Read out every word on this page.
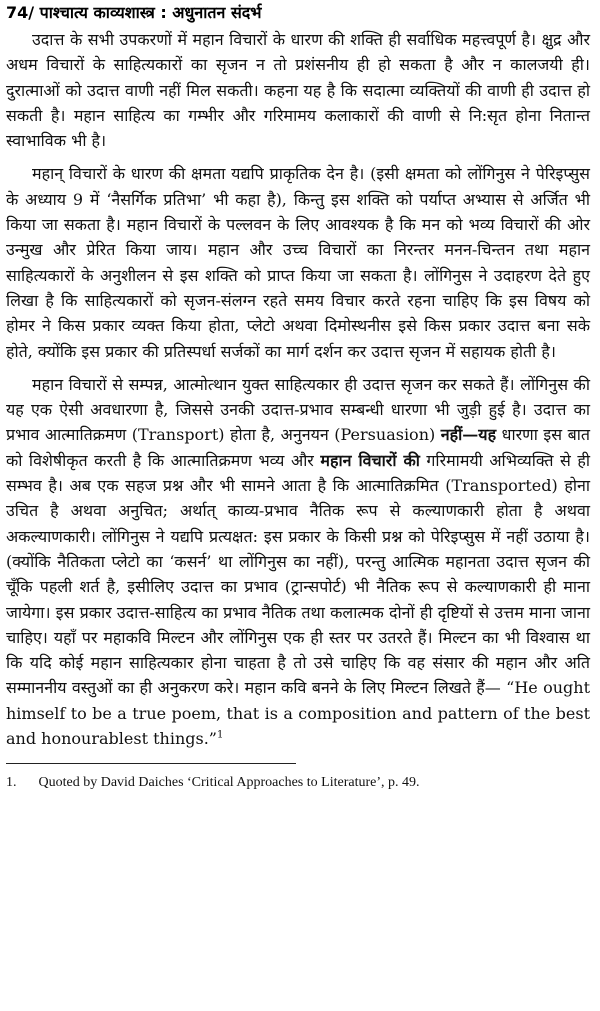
74/ पाश्चात्य काव्यशास्त्र : अधुनातन संदर्भ

उदात्त के सभी उपकरणों में महान विचारों के धारण की शक्ति ही सर्वाधिक महत्त्वपूर्ण है। क्षुद्र और अधम विचारों के साहित्यकारों का सृजन न तो प्रशंसनीय ही हो सकता है और न कालजयी ही। दुरात्माओं को उदात्त वाणी नहीं मिल सकती। कहना यह है कि सदात्मा व्यक्तियों की वाणी ही उदात्त हो सकती है। महान साहित्य का गम्भीर और गरिमामय कलाकारों की वाणी से नि:सृत होना नितान्त स्वाभाविक भी है।

महान् विचारों के धारण की क्षमता यद्यपि प्राकृतिक देन है। (इसी क्षमता को लोंगिनुस ने पेरिइप्सुस के अध्याय 9 में ‘नैसर्गिक प्रतिभा’ भी कहा है), किन्तु इस शक्ति को पर्याप्त अभ्यास से अर्जित भी किया जा सकता है। महान विचारों के पल्लवन के लिए आवश्यक है कि मन को भव्य विचारों की ओर उन्मुख और प्रेरित किया जाय। महान और उच्च विचारों का निरन्तर मनन-चिन्तन तथा महान साहित्यकारों के अनुशीलन से इस शक्ति को प्राप्त किया जा सकता है। लोंगिनुस ने उदाहरण देते हुए लिखा है कि साहित्यकारों को सृजन-संलग्न रहते समय विचार करते रहना चाहिए कि इस विषय को होमर ने किस प्रकार व्यक्त किया होता, प्लेटो अथवा दिमोस्थनीस इसे किस प्रकार उदात्त बना सके होते, क्योंकि इस प्रकार की प्रतिस्पर्धा सर्जकों का मार्ग दर्शन कर उदात्त सृजन में सहायक होती है।

महान विचारों से सम्पन्न, आत्मोत्थान युक्त साहित्यकार ही उदात्त सृजन कर सकते हैं। लोंगिनुस की यह एक ऐसी अवधारणा है, जिससे उनकी उदात्त-प्रभाव सम्बन्धी धारणा भी जुड़ी हुई है। उदात्त का प्रभाव आत्मातिक्रमण (Transport) होता है, अनुनयन (Persuasion) नहीं—यह धारणा इस बात को विशेषीकृत करती है कि आत्मातिक्रमण भव्य और महान विचारों की गरिमामयी अभिव्यक्ति से ही सम्भव है। अब एक सहज प्रश्न और भी सामने आता है कि आत्मातिक्रमित (Transported) होना उचित है अथवा अनुचित; अर्थात् काव्य-प्रभाव नैतिक रूप से कल्याणकारी होता है अथवा अकल्याणकारी। लोंगिनुस ने यद्यपि प्रत्यक्षत: इस प्रकार के किसी प्रश्न को पेरिइप्सुस में नहीं उठाया है। (क्योंकि नैतिकता प्लेटो का ‘कसर्न’ था लोंगिनुस का नहीं), परन्तु आत्मिक महानता उदात्त सृजन की चूँकि पहली शर्त है, इसीलिए उदात्त का प्रभाव (ट्रान्सपोर्ट) भी नैतिक रूप से कल्याणकारी ही माना जायेगा। इस प्रकार उदात्त-साहित्य का प्रभाव नैतिक तथा कलात्मक दोनों ही दृष्टियों से उत्तम माना जाना चाहिए। यहाँ पर महाकवि मिल्टन और लोंगिनुस एक ही स्तर पर उतरते हैं। मिल्टन का भी विश्वास था कि यदि कोई महान साहित्यकार होना चाहता है तो उसे चाहिए कि वह संसार की महान और अति सम्माननीय वस्तुओं का ही अनुकरण करे। महान कवि बनने के लिए मिल्टन लिखते हैं— “He ought himself to be a true poem, that is a composition and pattern of the best and honourablest things.”$^1$

1. Quoted by David Daiches ‘Critical Approaches to Literature’, p. 49.
